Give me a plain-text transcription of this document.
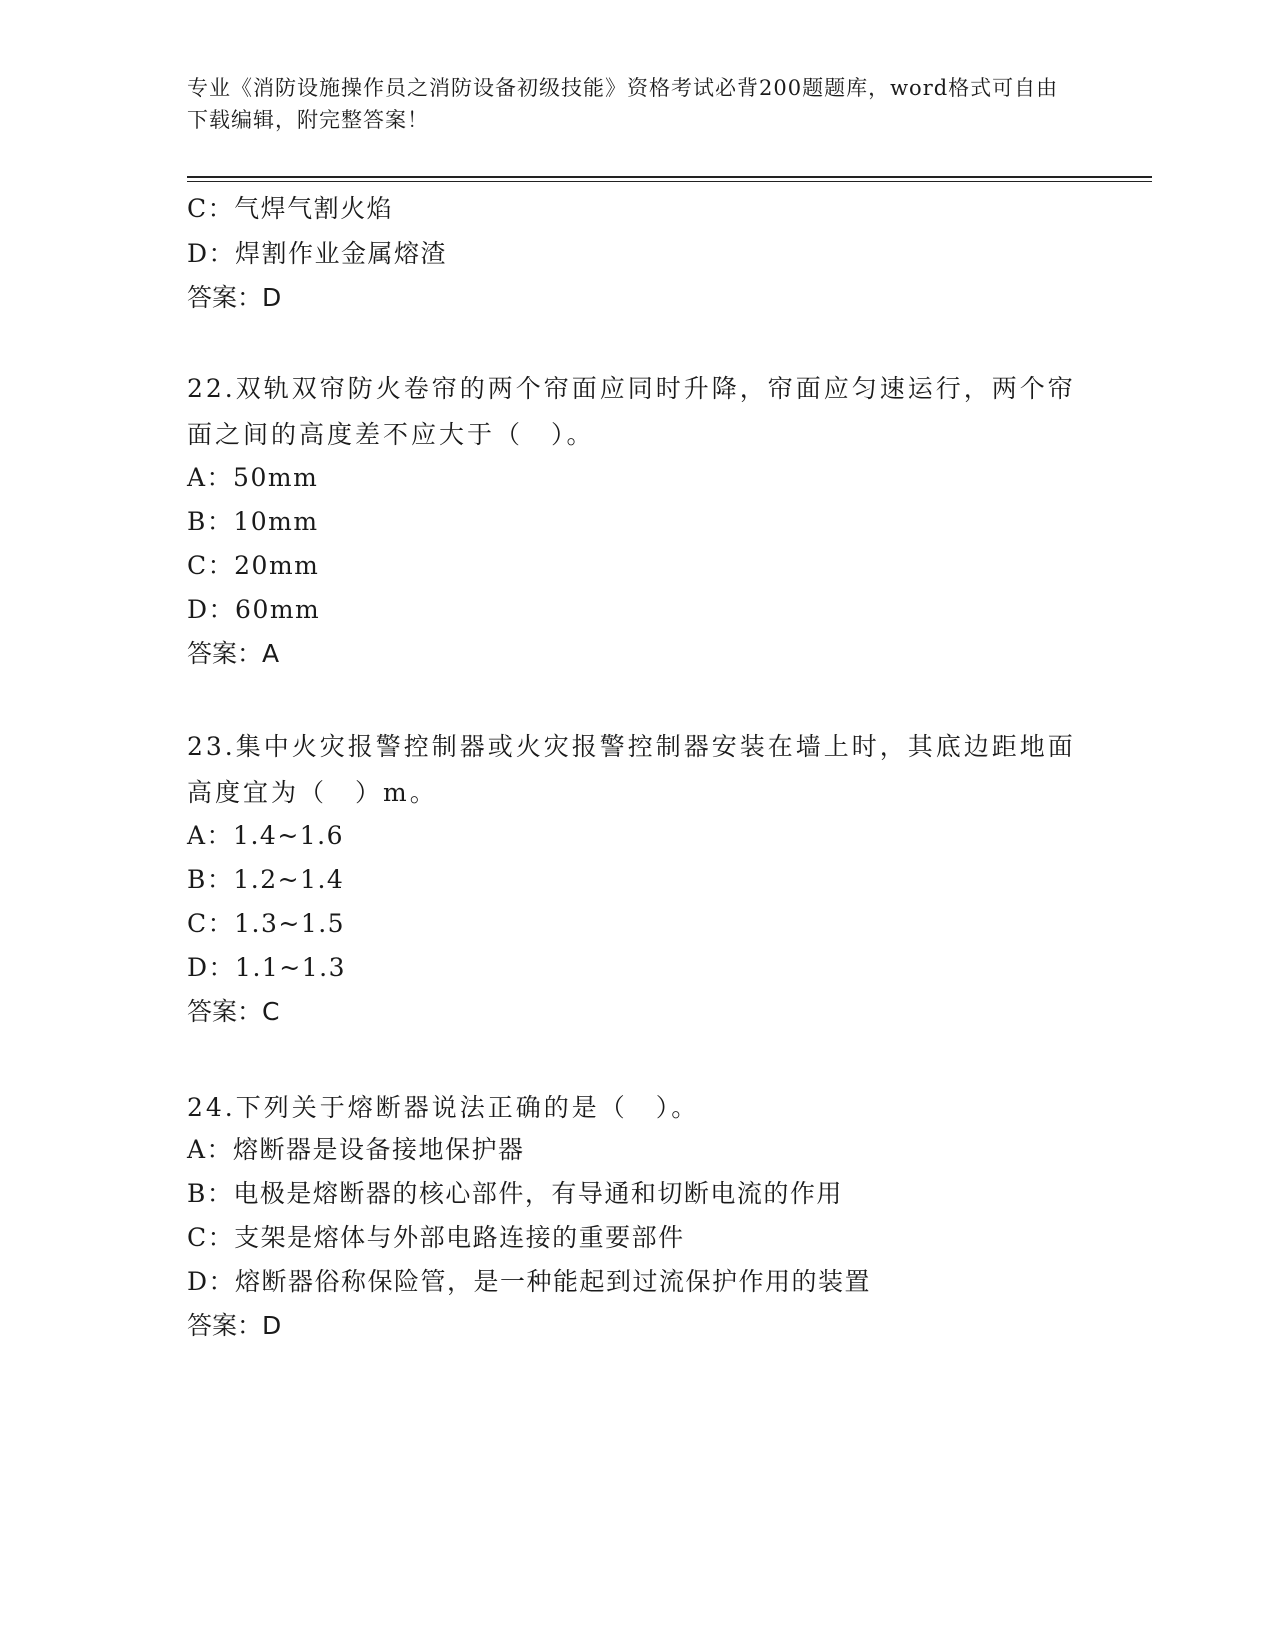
专业《消防设施操作员之消防设备初级技能》资格考试必背200题题库，word格式可自由下载编辑，附完整答案！

C：气焊气割火焰

D：焊割作业金属熔渣

答案：D

22.双轨双帘防火卷帘的两个帘面应同时升降，帘面应匀速运行，两个帘面之间的高度差不应大于（　）。

A：50mm

B：10mm

C：20mm

D：60mm

答案：A

23.集中火灾报警控制器或火灾报警控制器安装在墙上时，其底边距地面高度宜为（　）m。

A：1.4~1.6

B：1.2~1.4

C：1.3~1.5

D：1.1~1.3

答案：C

24.下列关于熔断器说法正确的是（　）。

A：熔断器是设备接地保护器

B：电极是熔断器的核心部件，有导通和切断电流的作用

C：支架是熔体与外部电路连接的重要部件

D：熔断器俗称保险管，是一种能起到过流保护作用的装置

答案：D
